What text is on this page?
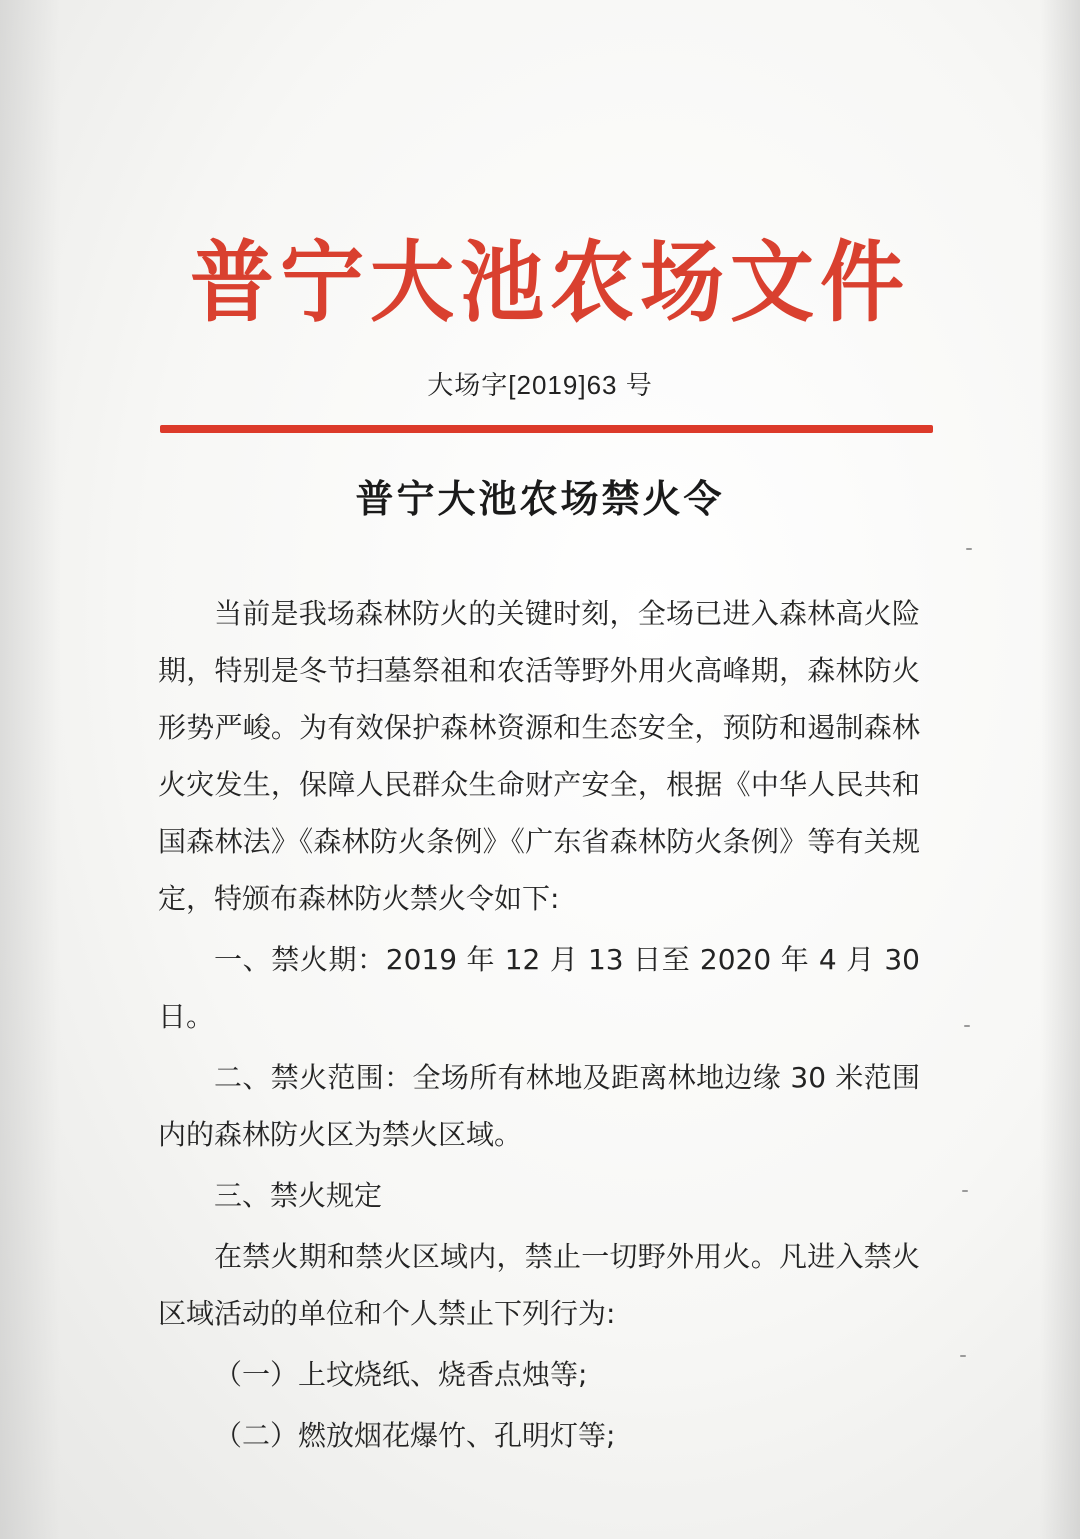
普宁大池农场文件
大场字[2019]63 号
普宁大池农场禁火令

当前是我场森林防火的关键时刻，全场已进入森林高火险期，特别是冬节扫墓祭祖和农活等野外用火高峰期，森林防火形势严峻。为有效保护森林资源和生态安全，预防和遏制森林火灾发生，保障人民群众生命财产安全，根据《中华人民共和国森林法》《森林防火条例》《广东省森林防火条例》等有关规定，特颁布森林防火禁火令如下:

一、禁火期：2019 年 12 月 13 日至 2020 年 4 月 30 日。

二、禁火范围：全场所有林地及距离林地边缘 30 米范围内的森林防火区为禁火区域。

三、禁火规定

在禁火期和禁火区域内，禁止一切野外用火。凡进入禁火区域活动的单位和个人禁止下列行为:

（一）上坟烧纸、烧香点烛等;

（二）燃放烟花爆竹、孔明灯等;
